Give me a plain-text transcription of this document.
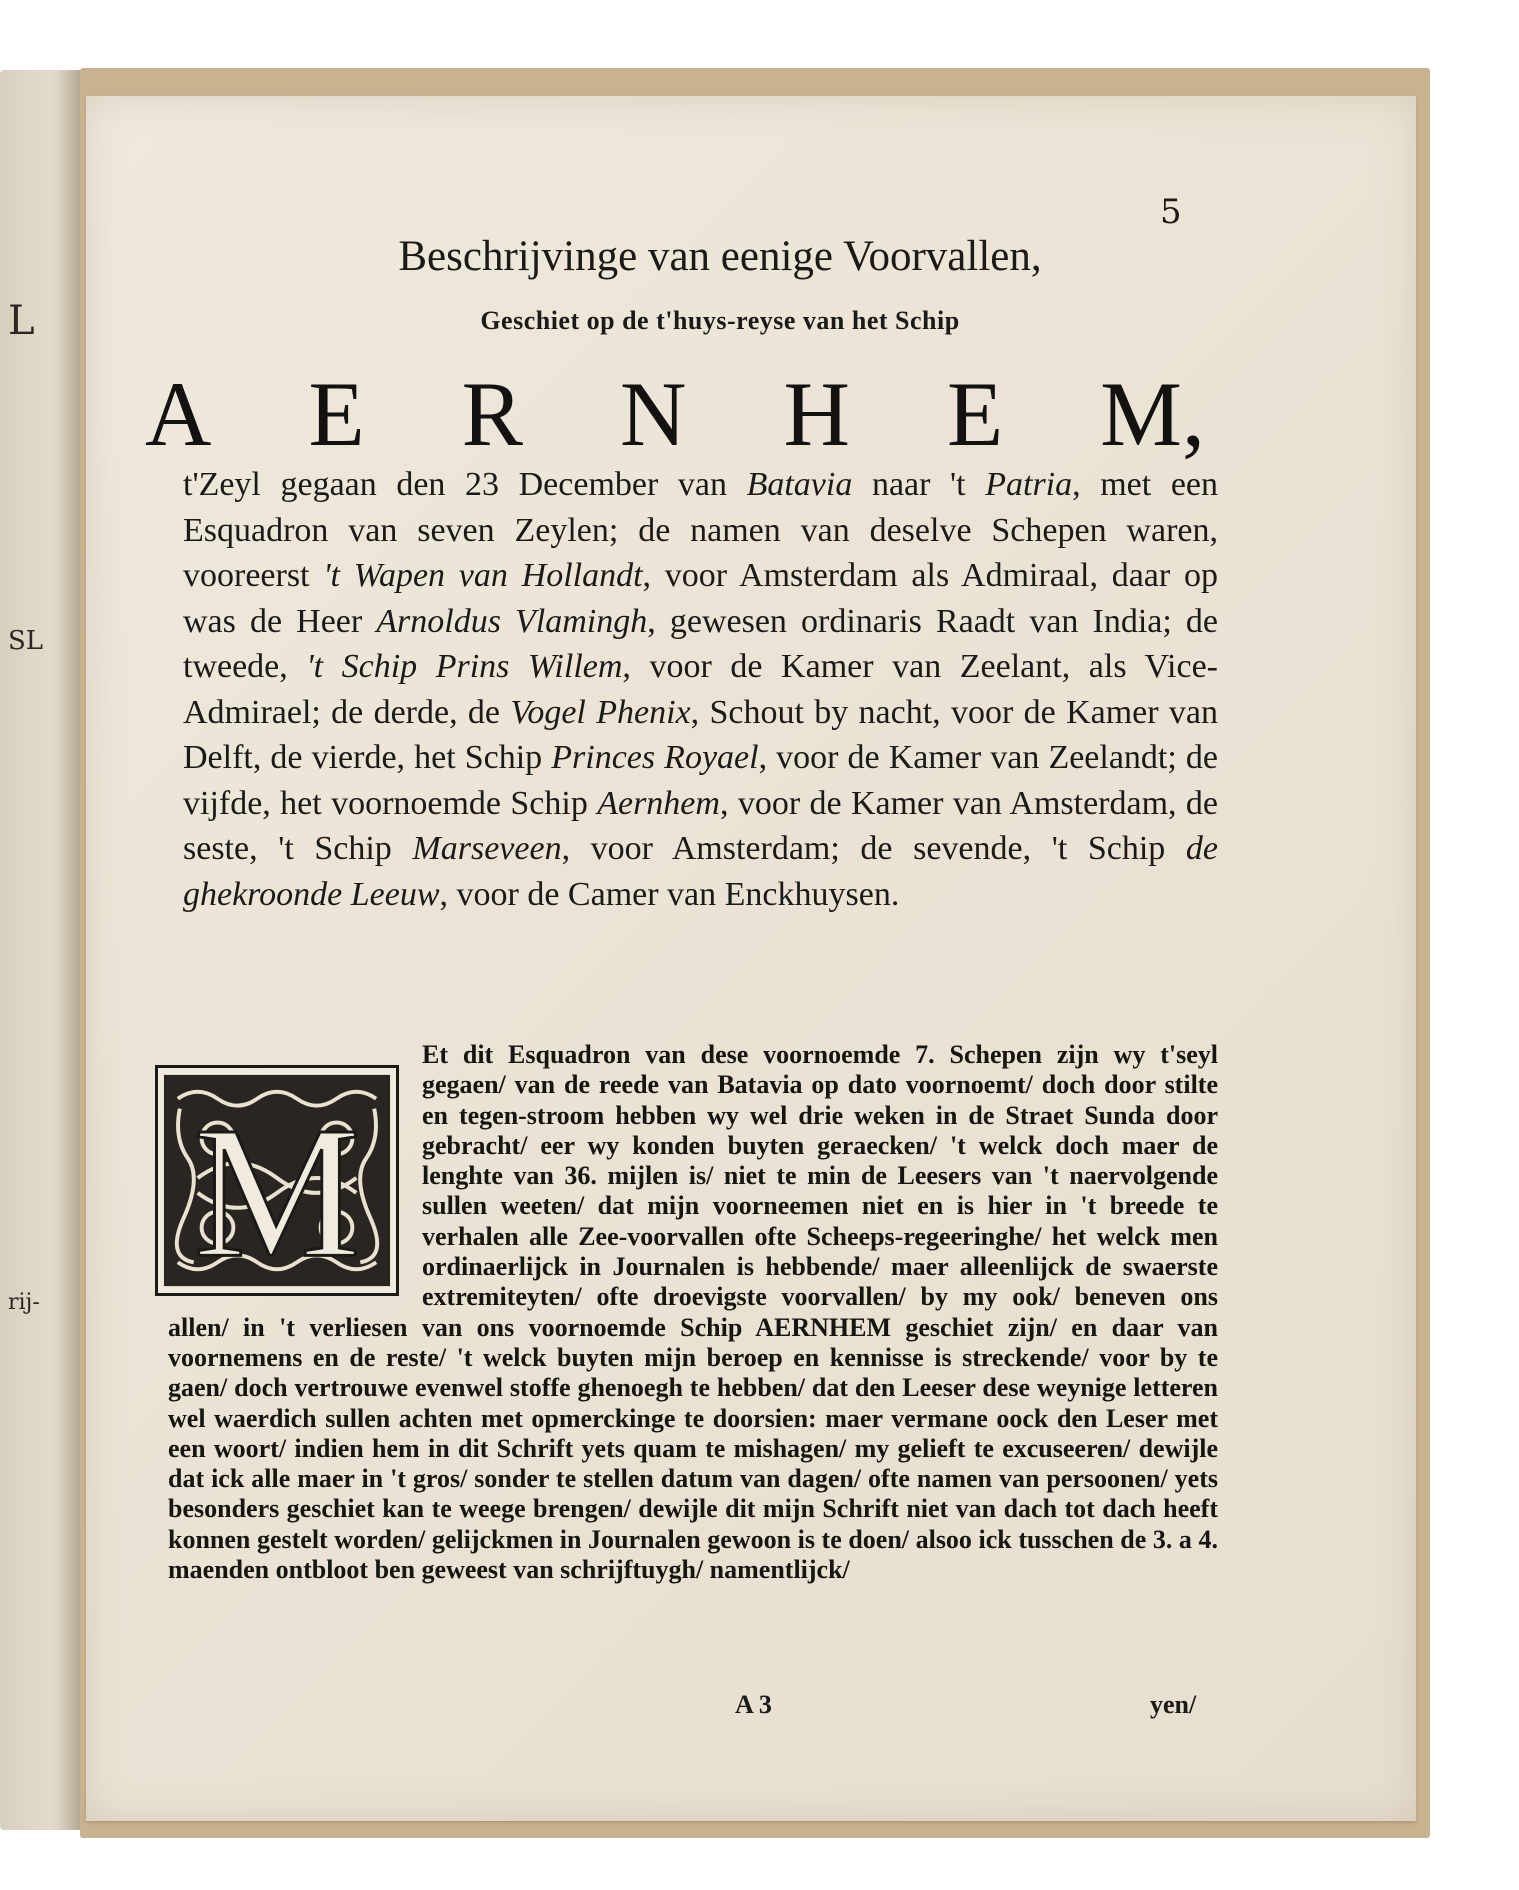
L
SL
rij-
5
Beschrijvinge van eenige Voorvallen,
Geschiet op de t'huys-reyse van het Schip
A E R N H E M,
t'Zeyl gegaan den 23 December van Batavia naar 't Patria, met een Esquadron van seven Zeylen; de namen van deselve Schepen waren, vooreerst 't Wapen van Hollandt, voor Amsterdam als Admiraal, daar op was de Heer Arnoldus Vlamingh, gewesen ordinaris Raadt van India; de tweede, 't Schip Prins Willem, voor de Kamer van Zeelant, als Vice-Admirael; de derde, de Vogel Phenix, Schout by nacht, voor de Kamer van Delft, de vierde, het Schip Princes Royael, voor de Kamer van Zeelandt; de vijfde, het voornoemde Schip Aernhem, voor de Kamer van Amsterdam, de seste, 't Schip Marseveen, voor Amsterdam; de sevende, 't Schip de ghekroonde Leeuw, voor de Camer van Enckhuysen.
Et dit Esquadron van dese voornoemde 7. Schepen zijn wy t'seyl gegaen/ van de reede van Batavia op dato voornoemt/ doch door stilte en tegen-stroom hebben wy wel drie weken in de Straet Sunda door gebracht/ eer wy konden buyten geraecken/ 't welck doch maer de lenghte van 36. mijlen is/ niet te min de Leesers van 't naervolgende sullen weeten/ dat mijn voorneemen niet en is hier in 't breede te verhalen alle Zee-voorvallen ofte Scheeps-regeeringhe/ het welck men ordinaerlijck in Journalen is hebbende/ maer alleenlijck de swaerste extremiteyten/ ofte droevigste voorvallen/ by my ook/ beneven ons allen/ in 't verliesen van ons voornoemde Schip AERNHEM geschiet zijn/ en daar van voornemens en de reste/ 't welck buyten mijn beroep en kennisse is streckende/ voor by te gaen/ doch vertrouwe evenwel stoffe ghenoegh te hebben/ dat den Leeser dese weynige letteren wel waerdich sullen achten met opmerckinge te doorsien: maer vermane oock den Leser met een woort/ indien hem in dit Schrift yets quam te mishagen/ my gelieft te excuseeren/ dewijle dat ick alle maer in 't gros/ sonder te stellen datum van dagen/ ofte namen van persoonen/ yets besonders geschiet kan te weege brengen/ dewijle dit mijn Schrift niet van dach tot dach heeft konnen gestelt worden/ gelijckmen in Journalen gewoon is te doen/ alsoo ick tusschen de 3. a 4. maenden ontbloot ben geweest van schrijftuygh/ namentlijck/
M
A 3	yen/
